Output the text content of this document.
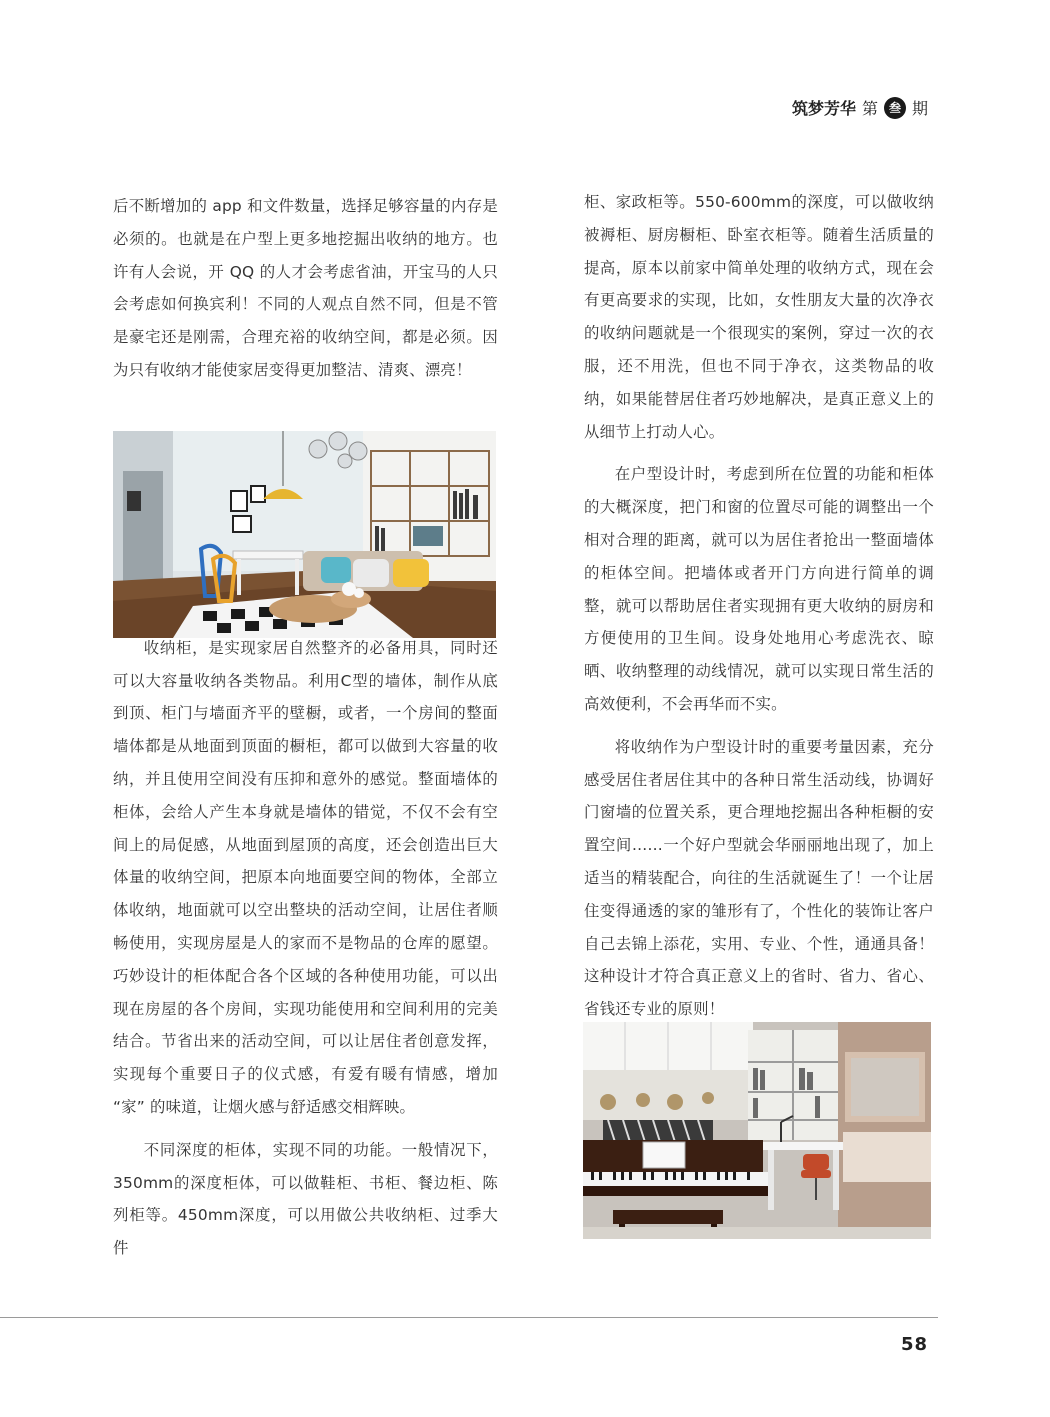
筑梦芳华 第 叁 期

后不断增加的 app 和文件数量，选择足够容量的内存是必须的。也就是在户型上更多地挖掘出收纳的地方。也许有人会说，开 QQ 的人才会考虑省油，开宝马的人只会考虑如何换宾利！不同的人观点自然不同，但是不管是豪宅还是刚需，合理充裕的收纳空间，都是必须。因为只有收纳才能使家居变得更加整洁、清爽、漂亮！

收纳柜，是实现家居自然整齐的必备用具，同时还可以大容量收纳各类物品。利用C型的墙体，制作从底到顶、柜门与墙面齐平的壁橱，或者，一个房间的整面墙体都是从地面到顶面的橱柜，都可以做到大容量的收纳，并且使用空间没有压抑和意外的感觉。整面墙体的柜体，会给人产生本身就是墙体的错觉，不仅不会有空间上的局促感，从地面到屋顶的高度，还会创造出巨大体量的收纳空间，把原本向地面要空间的物体，全部立体收纳，地面就可以空出整块的活动空间，让居住者顺畅使用，实现房屋是人的家而不是物品的仓库的愿望。巧妙设计的柜体配合各个区域的各种使用功能，可以出现在房屋的各个房间，实现功能使用和空间利用的完美结合。节省出来的活动空间，可以让居住者创意发挥，实现每个重要日子的仪式感，有爱有暖有情感，增加 “家” 的味道，让烟火感与舒适感交相辉映。

不同深度的柜体，实现不同的功能。一般情况下，350mm的深度柜体，可以做鞋柜、书柜、餐边柜、陈列柜等。450mm深度，可以用做公共收纳柜、过季大件

柜、家政柜等。550-600mm的深度，可以做收纳被褥柜、厨房橱柜、卧室衣柜等。随着生活质量的提高，原本以前家中简单处理的收纳方式，现在会有更高要求的实现，比如，女性朋友大量的次净衣的收纳问题就是一个很现实的案例，穿过一次的衣服，还不用洗，但也不同于净衣，这类物品的收纳，如果能替居住者巧妙地解决，是真正意义上的从细节上打动人心。

在户型设计时，考虑到所在位置的功能和柜体的大概深度，把门和窗的位置尽可能的调整出一个相对合理的距离，就可以为居住者抢出一整面墙体的柜体空间。把墙体或者开门方向进行简单的调整，就可以帮助居住者实现拥有更大收纳的厨房和方便使用的卫生间。设身处地用心考虑洗衣、晾晒、收纳整理的动线情况，就可以实现日常生活的高效便利，不会再华而不实。

将收纳作为户型设计时的重要考量因素，充分感受居住者居住其中的各种日常生活动线，协调好门窗墙的位置关系，更合理地挖掘出各种柜橱的安置空间……一个好户型就会华丽丽地出现了，加上适当的精装配合，向往的生活就诞生了！一个让居住变得通透的家的雏形有了，个性化的装饰让客户自己去锦上添花，实用、专业、个性，通通具备！这种设计才符合真正意义上的省时、省力、省心、省钱还专业的原则！

58
